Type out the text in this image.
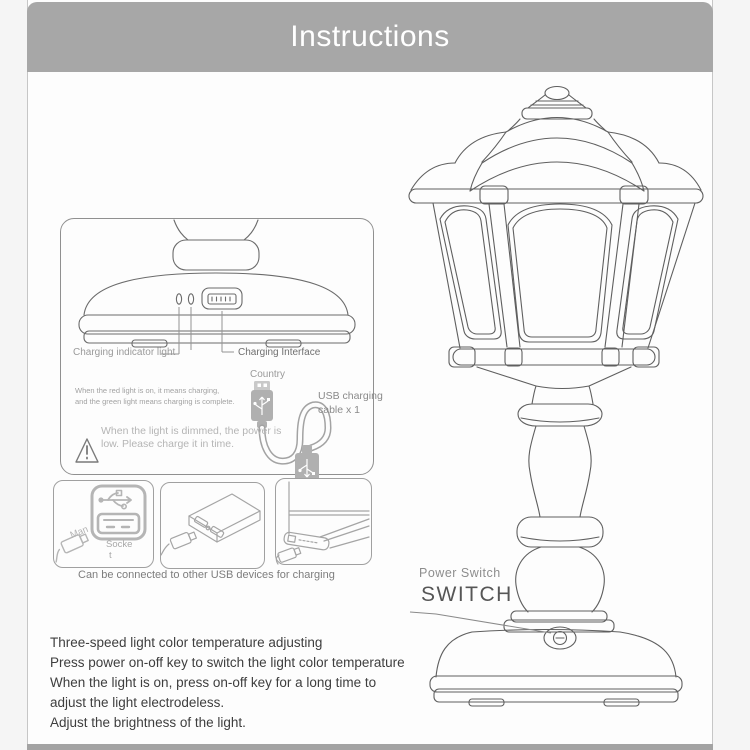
Instructions
Charging indicator light	Charging Interface
When the red light is on, it means charging,
and the green light means charging is complete.
Country
USB charging
cable x 1
When the light is dimmed, the power is
low. Please charge it in time.
Man
Socke
t
Can be connected to other USB devices for charging	Power Switch
SWITCH
Three-speed light color temperature adjusting
Press power on-off key to switch the light color temperature
When the light is on, press on-off key for a long time to
adjust the light electrodeless.
Adjust the brightness of the light.
